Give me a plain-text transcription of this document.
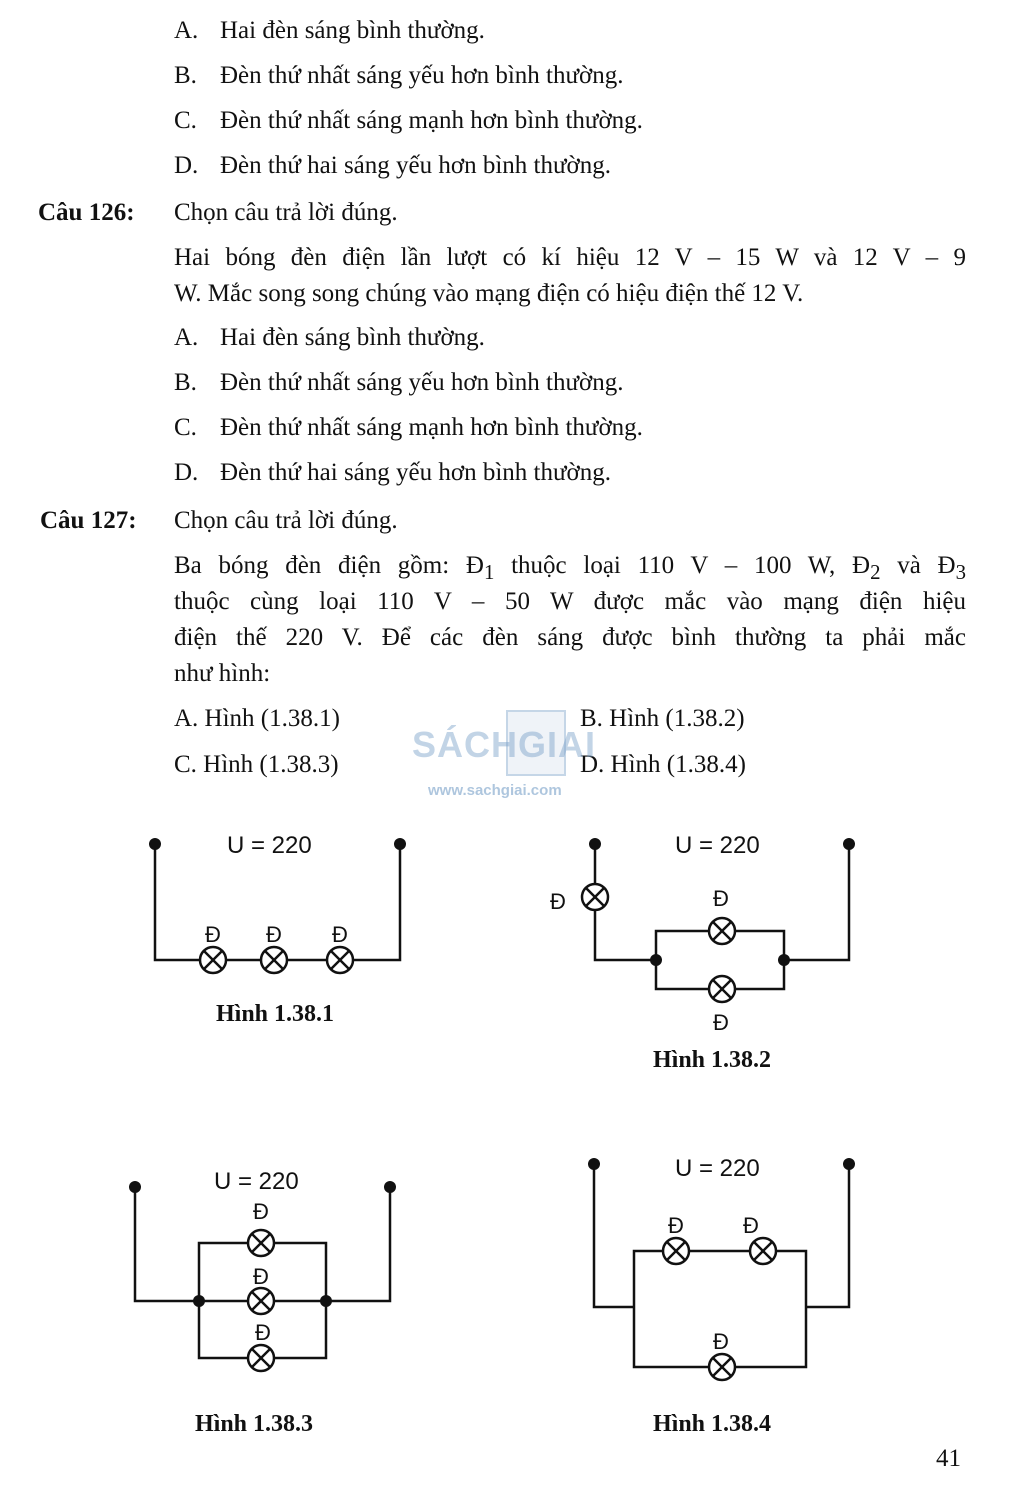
A. Hai đèn sáng bình thường.
B. Đèn thứ nhất sáng yếu hơn bình thường.
C. Đèn thứ nhất sáng mạnh hơn bình thường.
D. Đèn thứ hai sáng yếu hơn bình thường.
Câu 126: Chọn câu trả lời đúng.
Hai bóng đèn điện lần lượt có kí hiệu 12 V – 15 W và 12 V – 9
W. Mắc song song chúng vào mạng điện có hiệu điện thế 12 V.
A. Hai đèn sáng bình thường.
B. Đèn thứ nhất sáng yếu hơn bình thường.
C. Đèn thứ nhất sáng mạnh hơn bình thường.
D. Đèn thứ hai sáng yếu hơn bình thường.
Câu 127: Chọn câu trả lời đúng.
Ba bóng đèn điện gồm: $Đ_1$ thuộc loại 110 V – 100 W, $Đ_2$ và $Đ_3$
thuộc cùng loại 110 V – 50 W được mắc vào mạng điện hiệu
điện thế 220 V. Để các đèn sáng được bình thường ta phải mắc
như hình:
A. Hình (1.38.1)	B. Hình (1.38.2)
C. Hình (1.38.3)	D. Hình (1.38.4)
SÁCHGIAI
www.sachgiai.com
U = 220	U = 220
U = 220	U = 220
Đ Đ Đ
Đ	Đ
Đ
Đ
Đ
Đ
Đ	Đ
Đ
Hình 1.38.1
Hình 1.38.2
Hình 1.38.3	Hình 1.38.4
41
